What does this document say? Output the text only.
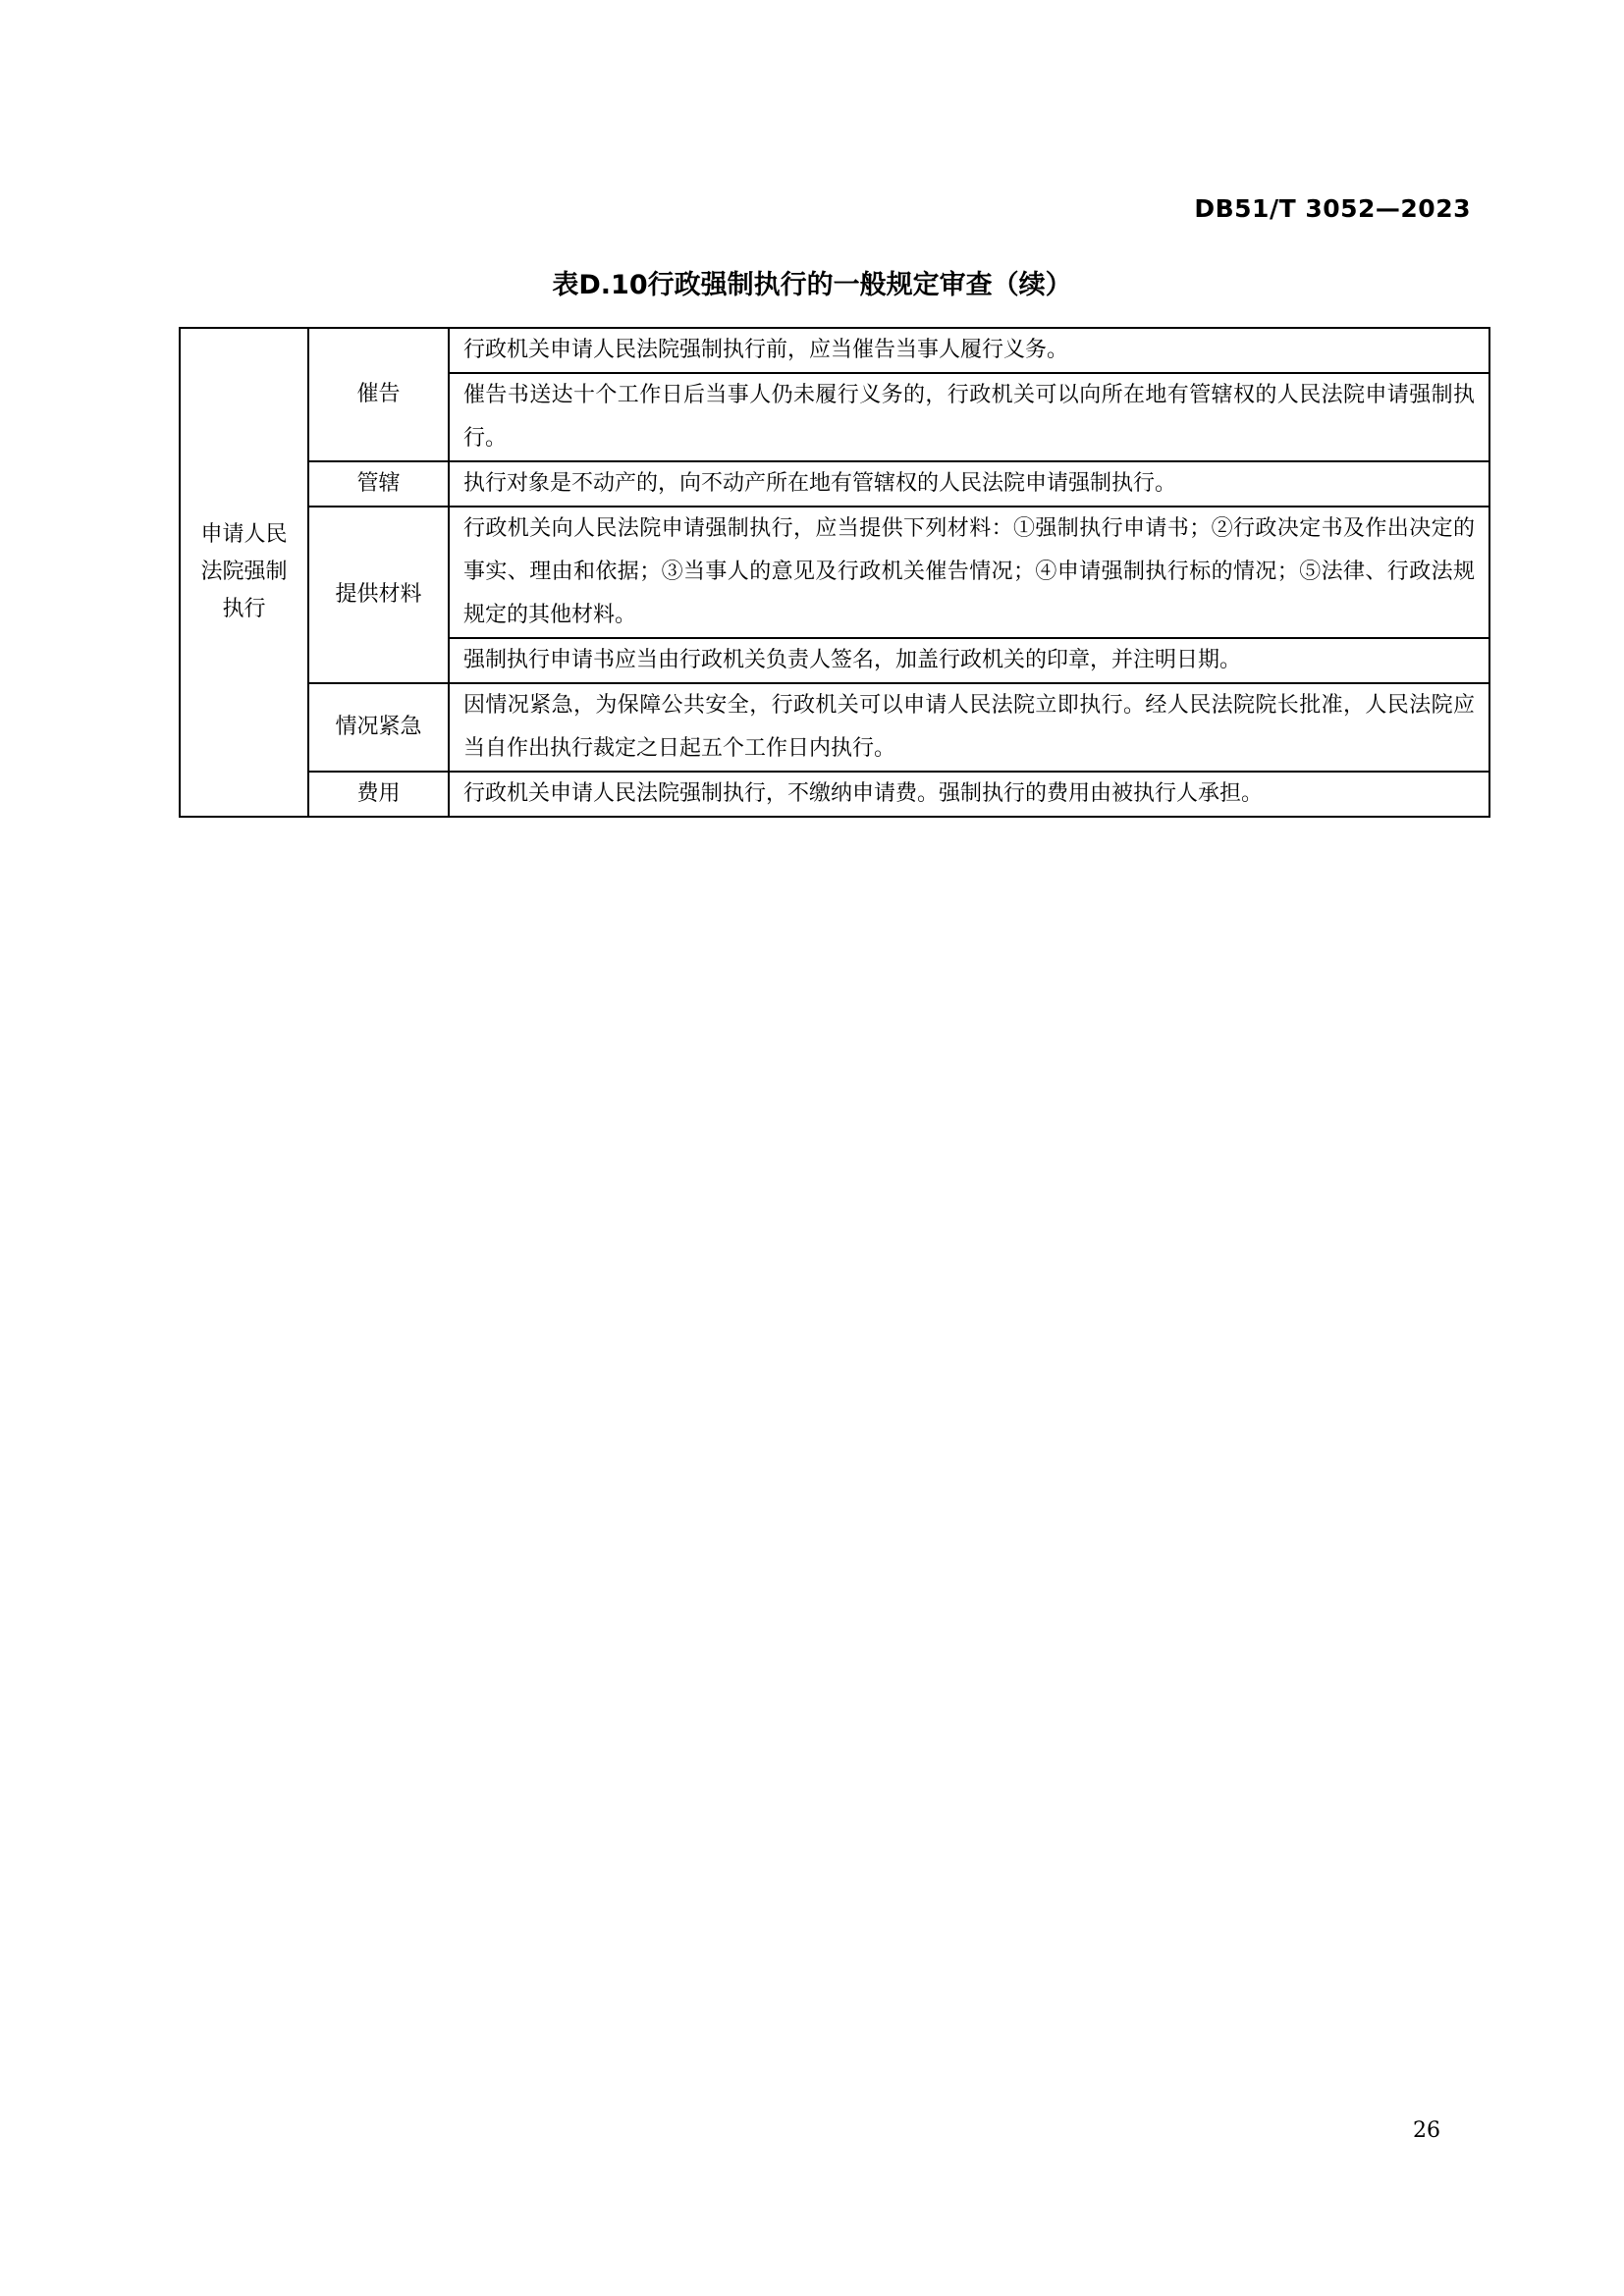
DB51/T 3052—2023
表D.10行政强制执行的一般规定审查（续）
申请人民法院强制执行	催告	行政机关申请人民法院强制执行前，应当催告当事人履行义务。
		催告书送达十个工作日后当事人仍未履行义务的，行政机关可以向所在地有管辖权的人民法院申请强制执行。
	管辖	执行对象是不动产的，向不动产所在地有管辖权的人民法院申请强制执行。
	提供材料	行政机关向人民法院申请强制执行，应当提供下列材料：①强制执行申请书；②行政决定书及作出决定的事实、理由和依据；③当事人的意见及行政机关催告情况；④申请强制执行标的情况；⑤法律、行政法规规定的其他材料。
		强制执行申请书应当由行政机关负责人签名，加盖行政机关的印章，并注明日期。
	情况紧急	因情况紧急，为保障公共安全，行政机关可以申请人民法院立即执行。经人民法院院长批准，人民法院应当自作出执行裁定之日起五个工作日内执行。
	费用	行政机关申请人民法院强制执行，不缴纳申请费。强制执行的费用由被执行人承担。
26
